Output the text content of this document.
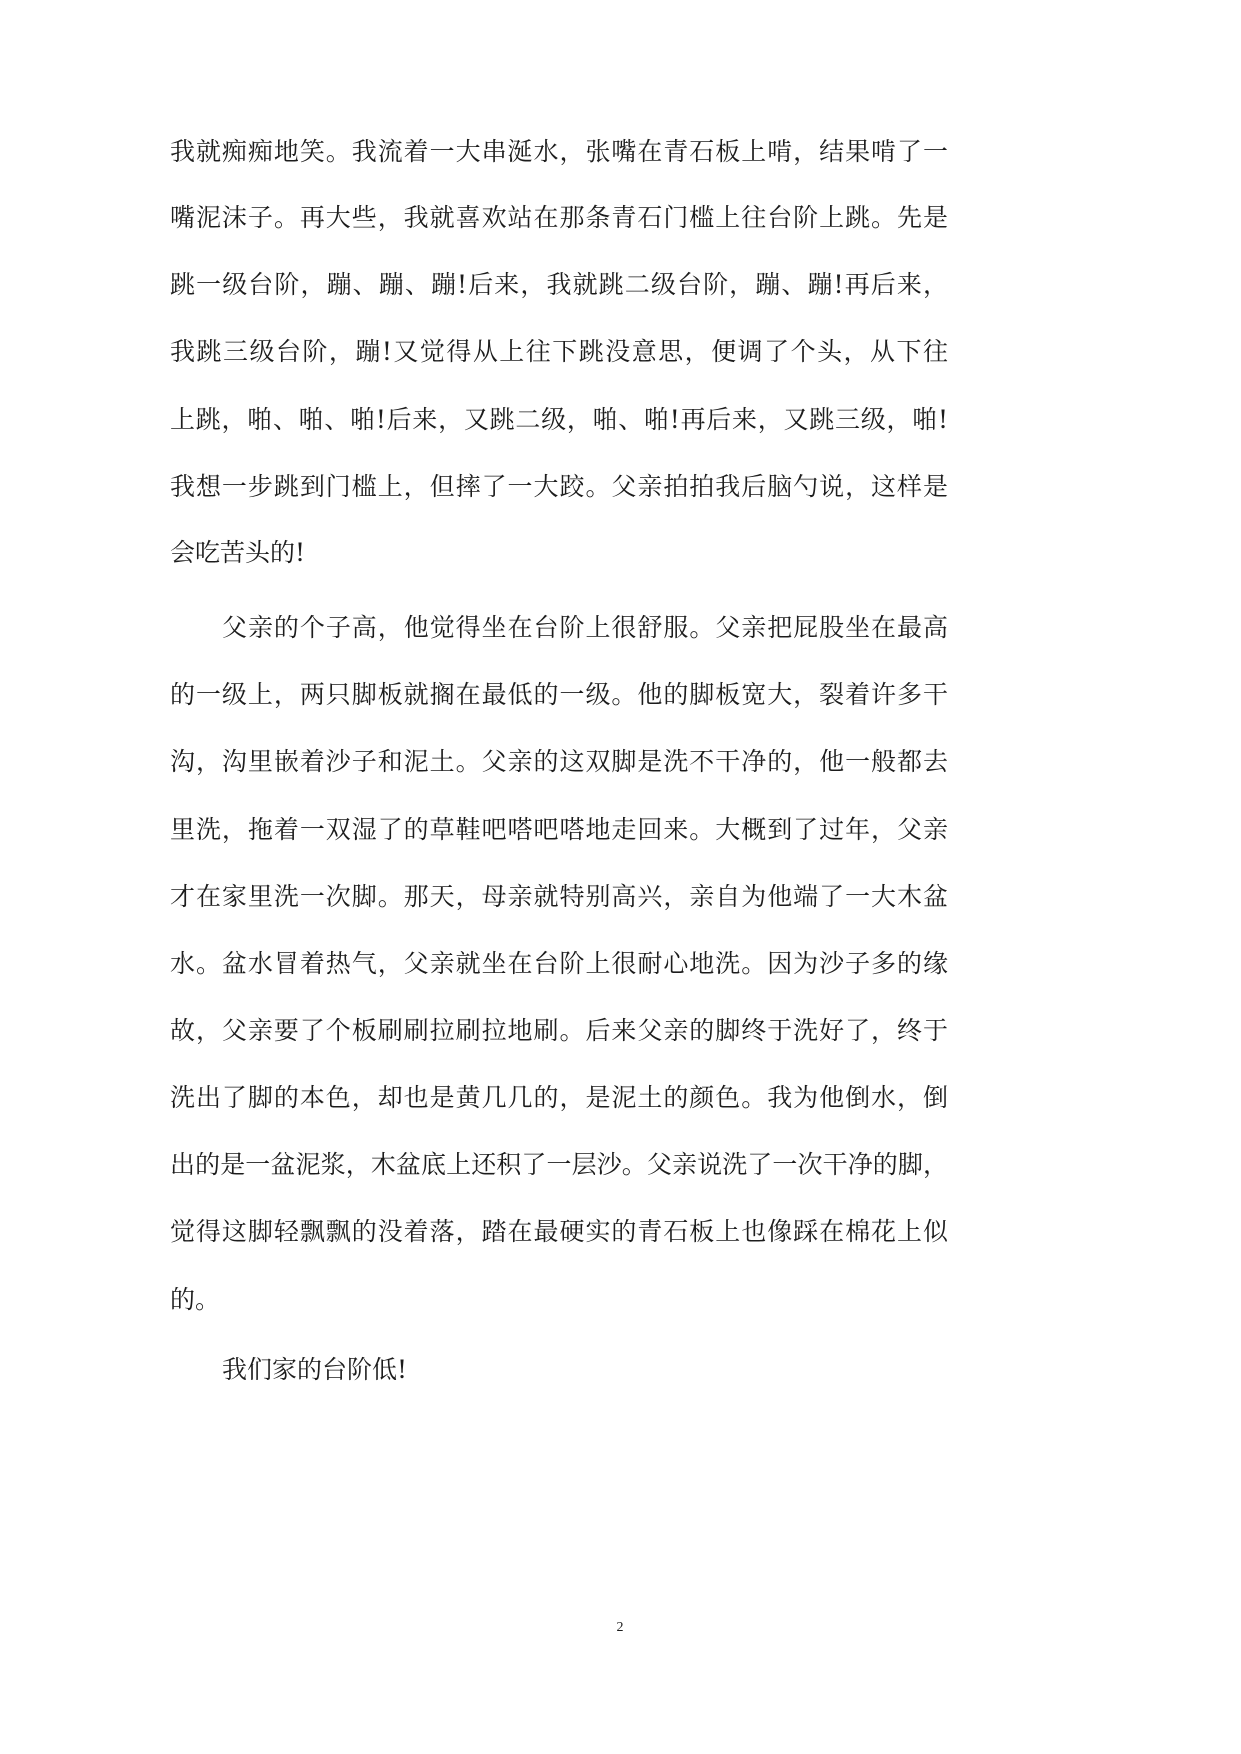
我就痴痴地笑。我流着一大串涎水，张嘴在青石板上啃，结果啃了一
嘴泥沫子。再大些，我就喜欢站在那条青石门槛上往台阶上跳。先是
跳一级台阶，蹦、蹦、蹦!后来，我就跳二级台阶，蹦、蹦!再后来，
我跳三级台阶，蹦!又觉得从上往下跳没意思，便调了个头，从下往
上跳，啪、啪、啪!后来，又跳二级，啪、啪!再后来，又跳三级，啪!
我想一步跳到门槛上，但摔了一大跤。父亲拍拍我后脑勺说，这样是
会吃苦头的!
父亲的个子高，他觉得坐在台阶上很舒服。父亲把屁股坐在最高
的一级上，两只脚板就搁在最低的一级。他的脚板宽大，裂着许多干
沟，沟里嵌着沙子和泥土。父亲的这双脚是洗不干净的，他一般都去
里洗，拖着一双湿了的草鞋吧嗒吧嗒地走回来。大概到了过年，父亲
才在家里洗一次脚。那天，母亲就特别高兴，亲自为他端了一大木盆
水。盆水冒着热气，父亲就坐在台阶上很耐心地洗。因为沙子多的缘
故，父亲要了个板刷刷拉刷拉地刷。后来父亲的脚终于洗好了，终于
洗出了脚的本色，却也是黄几几的，是泥土的颜色。我为他倒水，倒
出的是一盆泥浆，木盆底上还积了一层沙。父亲说洗了一次干净的脚，
觉得这脚轻飘飘的没着落，踏在最硬实的青石板上也像踩在棉花上似
的。
我们家的台阶低!
2
